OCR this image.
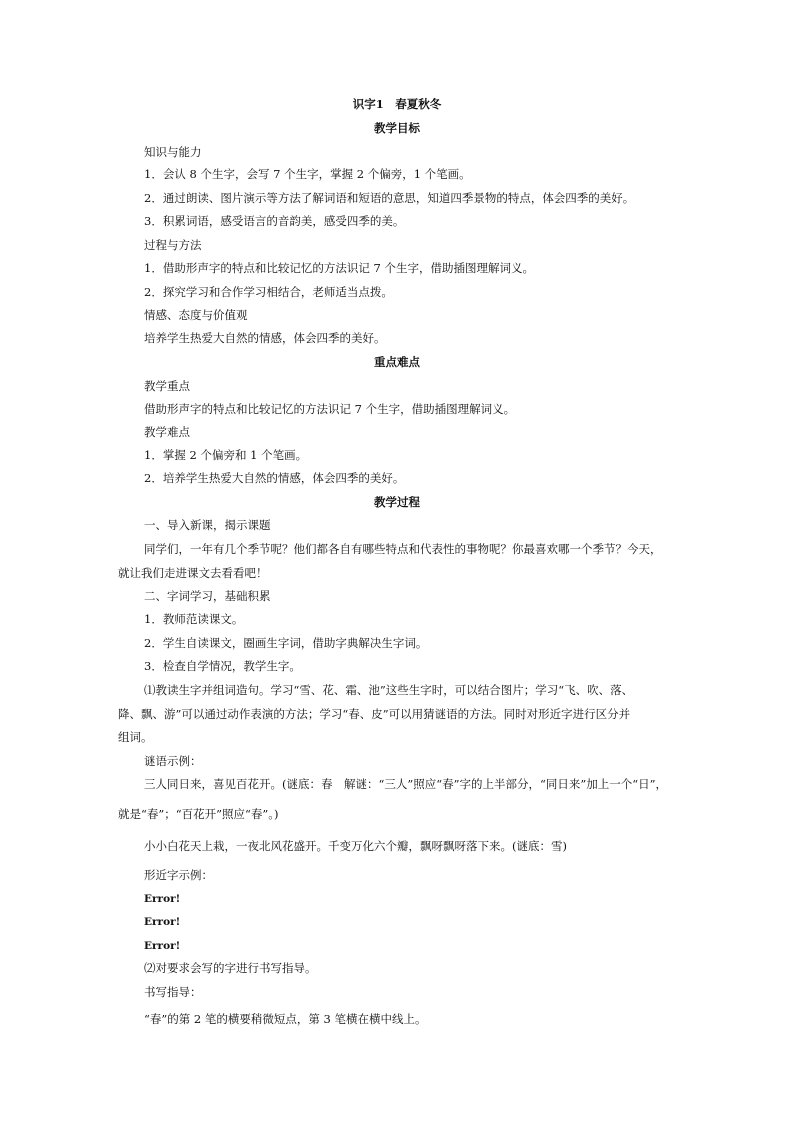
识字1　春夏秋冬
教学目标
知识与能力
1．会认 8 个生字，会写 7 个生字，掌握 2 个偏旁，1 个笔画。
2．通过朗读、图片演示等方法了解词语和短语的意思，知道四季景物的特点，体会四季的美好。
3．积累词语，感受语言的音韵美，感受四季的美。
过程与方法
1．借助形声字的特点和比较记忆的方法识记 7 个生字，借助插图理解词义。
2．探究学习和合作学习相结合，老师适当点拨。
情感、态度与价值观
培养学生热爱大自然的情感，体会四季的美好。
重点难点
教学重点
借助形声字的特点和比较记忆的方法识记 7 个生字，借助插图理解词义。
教学难点
1．掌握 2 个偏旁和 1 个笔画。
2．培养学生热爱大自然的情感，体会四季的美好。
教学过程
一、导入新课，揭示课题
同学们，一年有几个季节呢？他们都各自有哪些特点和代表性的事物呢？你最喜欢哪一个季节？今天，
就让我们走进课文去看看吧！
二、字词学习，基础积累
1．教师范读课文。
2．学生自读课文，圈画生字词，借助字典解决生字词。
3．检查自学情况，教学生字。
⑴教读生字并组词造句。学习“雪、花、霜、池”这些生字时，可以结合图片；学习“飞、吹、落、
降、飘、游”可以通过动作表演的方法；学习“春、皮”可以用猜谜语的方法。同时对形近字进行区分并
组词。
谜语示例：
三人同日来，喜见百花开。(谜底：春　解谜：“三人”照应“春”字的上半部分，“同日来”加上一个“日”，
就是“春”；“百花开”照应“春”。)
小小白花天上栽，一夜北风花盛开。千变万化六个瓣，飘呀飘呀落下来。(谜底：雪)
形近字示例：
Error!
Error!
Error!
⑵对要求会写的字进行书写指导。
书写指导：
“春”的第 2 笔的横要稍微短点，第 3 笔横在横中线上。
